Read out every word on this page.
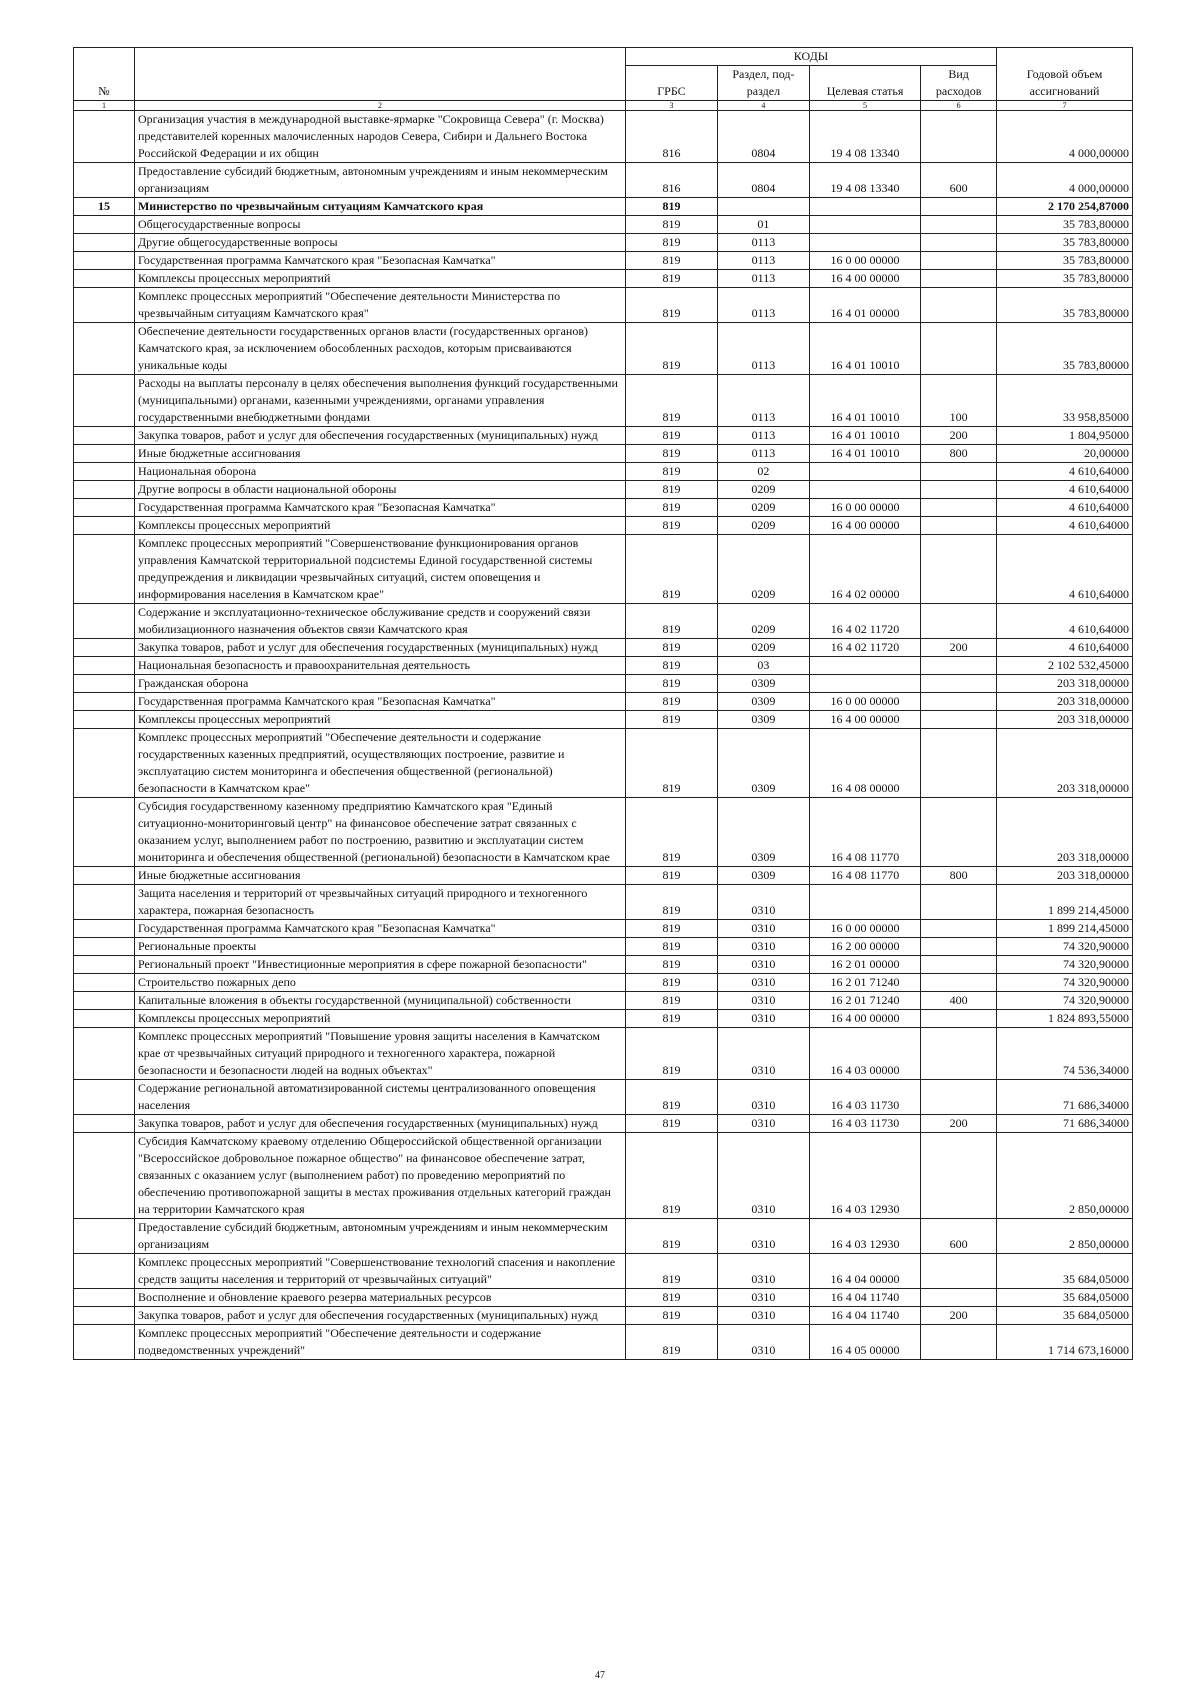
№		КОДЫ				Годовой объем ассигнований
		ГРБС	Раздел, под-раздел	Целевая статья	Вид расходов	
1	2	3	4	5	6	7
	Организация участия в международной выставке-ярмарке "Сокровища Севера" (г. Москва) представителей коренных малочисленных народов Севера, Сибири и Дальнего Востока Российской Федерации и их общин	816	0804	19 4 08 13340		4 000,00000
	Предоставление субсидий бюджетным, автономным учреждениям и иным некоммерческим организациям	816	0804	19 4 08 13340	600	4 000,00000
15	Министерство по чрезвычайным ситуациям Камчатского края	819				2 170 254,87000
	Общегосударственные вопросы	819	01			35 783,80000
	Другие общегосударственные вопросы	819	0113			35 783,80000
	Государственная программа Камчатского края "Безопасная Камчатка"	819	0113	16 0 00 00000		35 783,80000
	Комплексы процессных мероприятий	819	0113	16 4 00 00000		35 783,80000
	Комплекс процессных мероприятий "Обеспечение деятельности Министерства по чрезвычайным ситуациям Камчатского края"	819	0113	16 4 01 00000		35 783,80000
	Обеспечение деятельности государственных органов власти (государственных органов) Камчатского края, за исключением обособленных расходов, которым присваиваются уникальные коды	819	0113	16 4 01 10010		35 783,80000
	Расходы на выплаты персоналу в целях обеспечения выполнения функций государственными (муниципальными) органами, казенными учреждениями, органами управления государственными внебюджетными фондами	819	0113	16 4 01 10010	100	33 958,85000
	Закупка товаров, работ и услуг для обеспечения государственных (муниципальных) нужд	819	0113	16 4 01 10010	200	1 804,95000
	Иные бюджетные ассигнования	819	0113	16 4 01 10010	800	20,00000
	Национальная оборона	819	02			4 610,64000
	Другие вопросы в области национальной обороны	819	0209			4 610,64000
	Государственная программа Камчатского края "Безопасная Камчатка"	819	0209	16 0 00 00000		4 610,64000
	Комплексы процессных мероприятий	819	0209	16 4 00 00000		4 610,64000
	Комплекс процессных мероприятий "Совершенствование функционирования органов управления Камчатской территориальной подсистемы Единой государственной системы предупреждения и ликвидации чрезвычайных ситуаций, систем оповещения и информирования населения в Камчатском крае"	819	0209	16 4 02 00000		4 610,64000
	Содержание и эксплуатационно-техническое обслуживание средств и сооружений связи мобилизационного назначения объектов связи Камчатского края	819	0209	16 4 02 11720		4 610,64000
	Закупка товаров, работ и услуг для обеспечения государственных (муниципальных) нужд	819	0209	16 4 02 11720	200	4 610,64000
	Национальная безопасность и правоохранительная деятельность	819	03			2 102 532,45000
	Гражданская оборона	819	0309			203 318,00000
	Государственная программа Камчатского края "Безопасная Камчатка"	819	0309	16 0 00 00000		203 318,00000
	Комплексы процессных мероприятий	819	0309	16 4 00 00000		203 318,00000
	Комплекс процессных мероприятий "Обеспечение деятельности и содержание государственных казенных предприятий, осуществляющих построение, развитие и эксплуатацию систем мониторинга и обеспечения общественной (региональной) безопасности в Камчатском крае"	819	0309	16 4 08 00000		203 318,00000
	Субсидия государственному казенному предприятию Камчатского края "Единый ситуационно-мониторинговый центр" на финансовое обеспечение затрат связанных с оказанием услуг, выполнением работ по построению, развитию и эксплуатации систем мониторинга и обеспечения общественной (региональной) безопасности в Камчатском крае	819	0309	16 4 08 11770		203 318,00000
	Иные бюджетные ассигнования	819	0309	16 4 08 11770	800	203 318,00000
	Защита населения и территорий от чрезвычайных ситуаций природного и техногенного характера, пожарная безопасность	819	0310			1 899 214,45000
	Государственная программа Камчатского края "Безопасная Камчатка"	819	0310	16 0 00 00000		1 899 214,45000
	Региональные проекты	819	0310	16 2 00 00000		74 320,90000
	Региональный проект "Инвестиционные мероприятия в сфере пожарной безопасности"	819	0310	16 2 01 00000		74 320,90000
	Строительство пожарных депо	819	0310	16 2 01 71240		74 320,90000
	Капитальные вложения в объекты государственной (муниципальной) собственности	819	0310	16 2 01 71240	400	74 320,90000
	Комплексы процессных мероприятий	819	0310	16 4 00 00000		1 824 893,55000
	Комплекс процессных мероприятий "Повышение уровня защиты населения в Камчатском крае от чрезвычайных ситуаций природного и техногенного характера, пожарной безопасности и безопасности людей на водных объектах"	819	0310	16 4 03 00000		74 536,34000
	Содержание региональной автоматизированной системы централизованного оповещения населения	819	0310	16 4 03 11730		71 686,34000
	Закупка товаров, работ и услуг для обеспечения государственных (муниципальных) нужд	819	0310	16 4 03 11730	200	71 686,34000
	Субсидия Камчатскому краевому отделению Общероссийской общественной организации "Всероссийское добровольное пожарное общество" на финансовое обеспечение затрат, связанных с оказанием услуг (выполнением работ) по проведению мероприятий по обеспечению противопожарной защиты в местах проживания отдельных категорий граждан на территории Камчатского края	819	0310	16 4 03 12930		2 850,00000
	Предоставление субсидий бюджетным, автономным учреждениям и иным некоммерческим организациям	819	0310	16 4 03 12930	600	2 850,00000
	Комплекс процессных мероприятий "Совершенствование технологий спасения и накопление средств защиты населения и территорий от чрезвычайных ситуаций"	819	0310	16 4 04 00000		35 684,05000
	Восполнение и обновление краевого резерва материальных ресурсов	819	0310	16 4 04 11740		35 684,05000
	Закупка товаров, работ и услуг для обеспечения государственных (муниципальных) нужд	819	0310	16 4 04 11740	200	35 684,05000
	Комплекс процессных мероприятий "Обеспечение деятельности и содержание подведомственных учреждений"	819	0310	16 4 05 00000		1 714 673,16000
47
